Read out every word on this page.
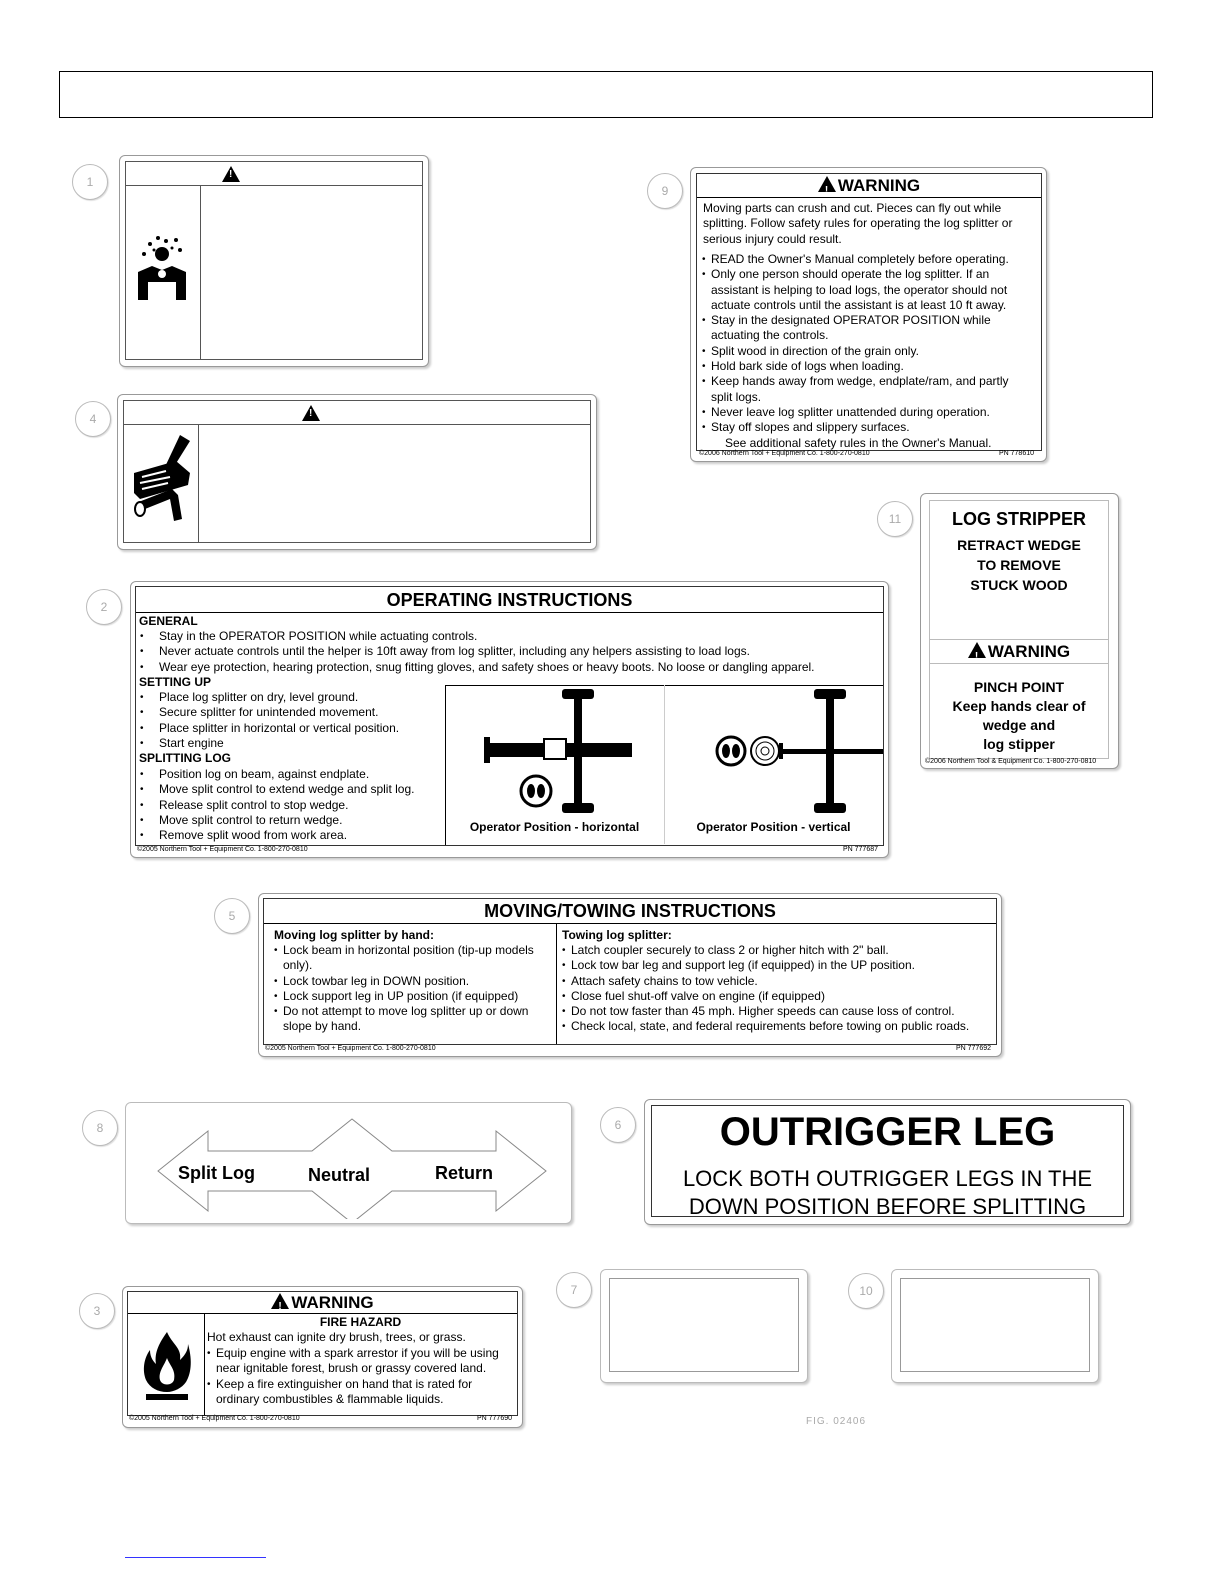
1
4
9
11
2
5
8	6
3
7	10
!
!
!WARNING
Moving parts can crush and cut. Pieces can fly out while splitting. Follow safety rules for operating the log splitter or serious injury could result.
• READ the Owner's Manual completely before operating.
• Only one person should operate the log splitter. If an assistant is helping to load logs, the operator should not actuate controls until the assistant is at least 10 ft away.
• Stay in the designated OPERATOR POSITION while actuating the controls.
• Split wood in direction of the grain only.
• Hold bark side of logs when loading.
• Keep hands away from wedge, endplate/ram, and partly split logs.
• Never leave log splitter unattended during operation.
• Stay off slopes and slippery surfaces.
See additional safety rules in the Owner's Manual.
©2006 Northern Tool + Equipment Co. 1-800-270-0810	PN 778610
LOG STRIPPER
RETRACT WEDGE
TO REMOVE
STUCK WOOD
!WARNING
PINCH POINT
Keep hands clear of
wedge and
log stipper
©2006 Northern Tool & Equipment Co. 1-800-270-0810
OPERATING INSTRUCTIONS
GENERAL
• Stay in the OPERATOR POSITION while actuating controls.
• Never actuate controls until the helper is 10ft away from log splitter, including any helpers assisting to load logs.
• Wear eye protection, hearing protection, snug fitting gloves, and safety shoes or heavy boots. No loose or dangling apparel.
SETTING UP
• Place log splitter on dry, level ground.
• Secure splitter for unintended movement.
• Place splitter in horizontal or vertical position.
• Start engine
SPLITTING LOG
• Position log on beam, against endplate.
• Move split control to extend wedge and split log.
• Release split control to stop wedge.
• Move split control to return wedge.
• Remove split wood from work area.
Operator Position - horizontal	Operator Position - vertical
©2005 Northern Tool + Equipment Co. 1-800-270-0810	PN 777687
MOVING/TOWING INSTRUCTIONS
Moving log splitter by hand:
• Lock beam in horizontal position (tip-up models only).
• Lock towbar leg in DOWN position.
• Lock support leg in UP position (if equipped)
• Do not attempt to move log splitter up or down slope by hand.
Towing log splitter:
• Latch coupler securely to class 2 or higher hitch with 2" ball.
• Lock tow bar leg and support leg (if equipped) in the UP position.
• Attach safety chains to tow vehicle.
• Close fuel shut-off valve on engine (if equipped)
• Do not tow faster than 45 mph. Higher speeds can cause loss of control.
• Check local, state, and federal requirements before towing on public roads.
©2005 Northern Tool + Equipment Co. 1-800-270-0810	PN 777692
Split Log	Neutral	Return
OUTRIGGER LEG
LOCK BOTH OUTRIGGER LEGS IN THE
DOWN POSITION BEFORE SPLITTING
!WARNING
FIRE HAZARD
Hot exhaust can ignite dry brush, trees, or grass.
• Equip engine with a spark arrestor if you will be using near ignitable forest, brush or grassy covered land.
• Keep a fire extinguisher on hand that is rated for ordinary combustibles & flammable liquids.
©2005 Northern Tool + Equipment Co. 1-800-270-0810	PN 777690	FIG. 02406
